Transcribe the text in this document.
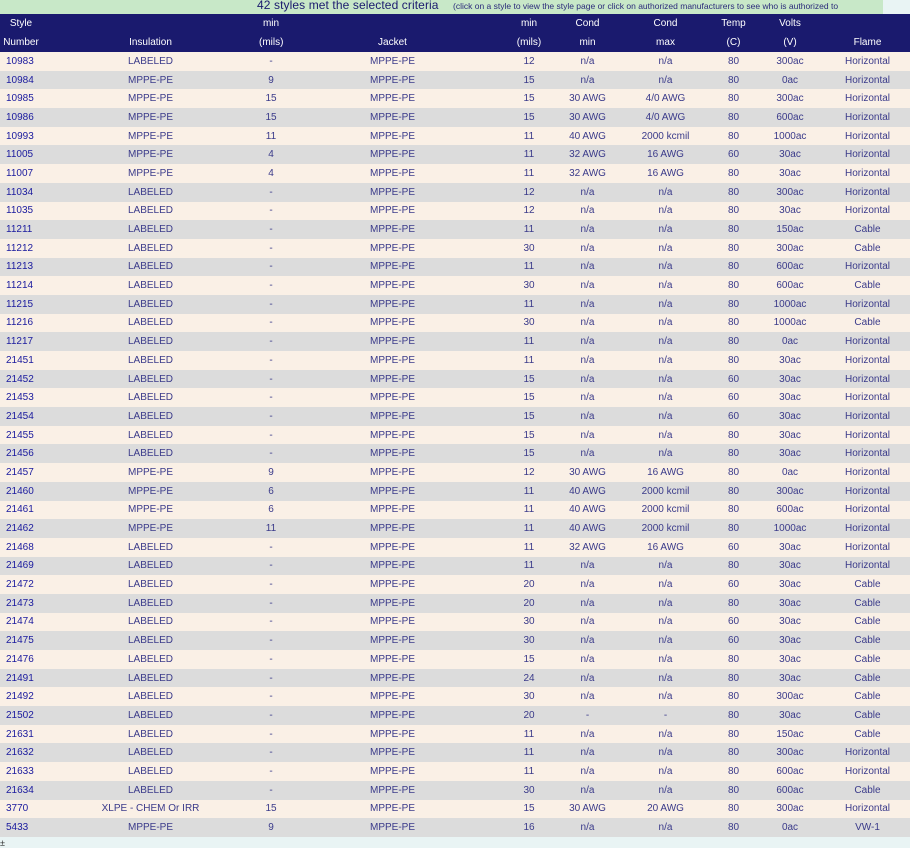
42 styles met the selected criteria (click on a style to view the style page or click on authorized manufacturers to see who is authorized to
Style		min		min	Cond	Cond	Temp	Volts	
Number	Insulation	(mils)	Jacket	(mils)	min	max	(C)	(V)	Flame
10983	LABELED	-	MPPE-PE	12	n/a	n/a	80	300ac	Horizontal
10984	MPPE-PE	9	MPPE-PE	15	n/a	n/a	80	0ac	Horizontal
10985	MPPE-PE	15	MPPE-PE	15	30 AWG	4/0 AWG	80	300ac	Horizontal
10986	MPPE-PE	15	MPPE-PE	15	30 AWG	4/0 AWG	80	600ac	Horizontal
10993	MPPE-PE	11	MPPE-PE	11	40 AWG	2000 kcmil	80	1000ac	Horizontal
11005	MPPE-PE	4	MPPE-PE	11	32 AWG	16 AWG	60	30ac	Horizontal
11007	MPPE-PE	4	MPPE-PE	11	32 AWG	16 AWG	80	30ac	Horizontal
11034	LABELED	-	MPPE-PE	12	n/a	n/a	80	300ac	Horizontal
11035	LABELED	-	MPPE-PE	12	n/a	n/a	80	30ac	Horizontal
11211	LABELED	-	MPPE-PE	11	n/a	n/a	80	150ac	Cable
11212	LABELED	-	MPPE-PE	30	n/a	n/a	80	300ac	Cable
11213	LABELED	-	MPPE-PE	11	n/a	n/a	80	600ac	Horizontal
11214	LABELED	-	MPPE-PE	30	n/a	n/a	80	600ac	Cable
11215	LABELED	-	MPPE-PE	11	n/a	n/a	80	1000ac	Horizontal
11216	LABELED	-	MPPE-PE	30	n/a	n/a	80	1000ac	Cable
11217	LABELED	-	MPPE-PE	11	n/a	n/a	80	0ac	Horizontal
21451	LABELED	-	MPPE-PE	11	n/a	n/a	80	30ac	Horizontal
21452	LABELED	-	MPPE-PE	15	n/a	n/a	60	30ac	Horizontal
21453	LABELED	-	MPPE-PE	15	n/a	n/a	60	30ac	Horizontal
21454	LABELED	-	MPPE-PE	15	n/a	n/a	60	30ac	Horizontal
21455	LABELED	-	MPPE-PE	15	n/a	n/a	80	30ac	Horizontal
21456	LABELED	-	MPPE-PE	15	n/a	n/a	80	30ac	Horizontal
21457	MPPE-PE	9	MPPE-PE	12	30 AWG	16 AWG	80	0ac	Horizontal
21460	MPPE-PE	6	MPPE-PE	11	40 AWG	2000 kcmil	80	300ac	Horizontal
21461	MPPE-PE	6	MPPE-PE	11	40 AWG	2000 kcmil	80	600ac	Horizontal
21462	MPPE-PE	11	MPPE-PE	11	40 AWG	2000 kcmil	80	1000ac	Horizontal
21468	LABELED	-	MPPE-PE	11	32 AWG	16 AWG	60	30ac	Horizontal
21469	LABELED	-	MPPE-PE	11	n/a	n/a	80	30ac	Horizontal
21472	LABELED	-	MPPE-PE	20	n/a	n/a	60	30ac	Cable
21473	LABELED	-	MPPE-PE	20	n/a	n/a	80	30ac	Cable
21474	LABELED	-	MPPE-PE	30	n/a	n/a	60	30ac	Cable
21475	LABELED	-	MPPE-PE	30	n/a	n/a	60	30ac	Cable
21476	LABELED	-	MPPE-PE	15	n/a	n/a	80	30ac	Cable
21491	LABELED	-	MPPE-PE	24	n/a	n/a	80	30ac	Cable
21492	LABELED	-	MPPE-PE	30	n/a	n/a	80	300ac	Cable
21502	LABELED	-	MPPE-PE	20	-	-	80	30ac	Cable
21631	LABELED	-	MPPE-PE	11	n/a	n/a	80	150ac	Cable
21632	LABELED	-	MPPE-PE	11	n/a	n/a	80	300ac	Horizontal
21633	LABELED	-	MPPE-PE	11	n/a	n/a	80	600ac	Horizontal
21634	LABELED	-	MPPE-PE	30	n/a	n/a	80	600ac	Cable
3770	XLPE - CHEM Or IRR	15	MPPE-PE	15	30 AWG	20 AWG	80	300ac	Horizontal
5433	MPPE-PE	9	MPPE-PE	16	n/a	n/a	80	0ac	VW-1
±
